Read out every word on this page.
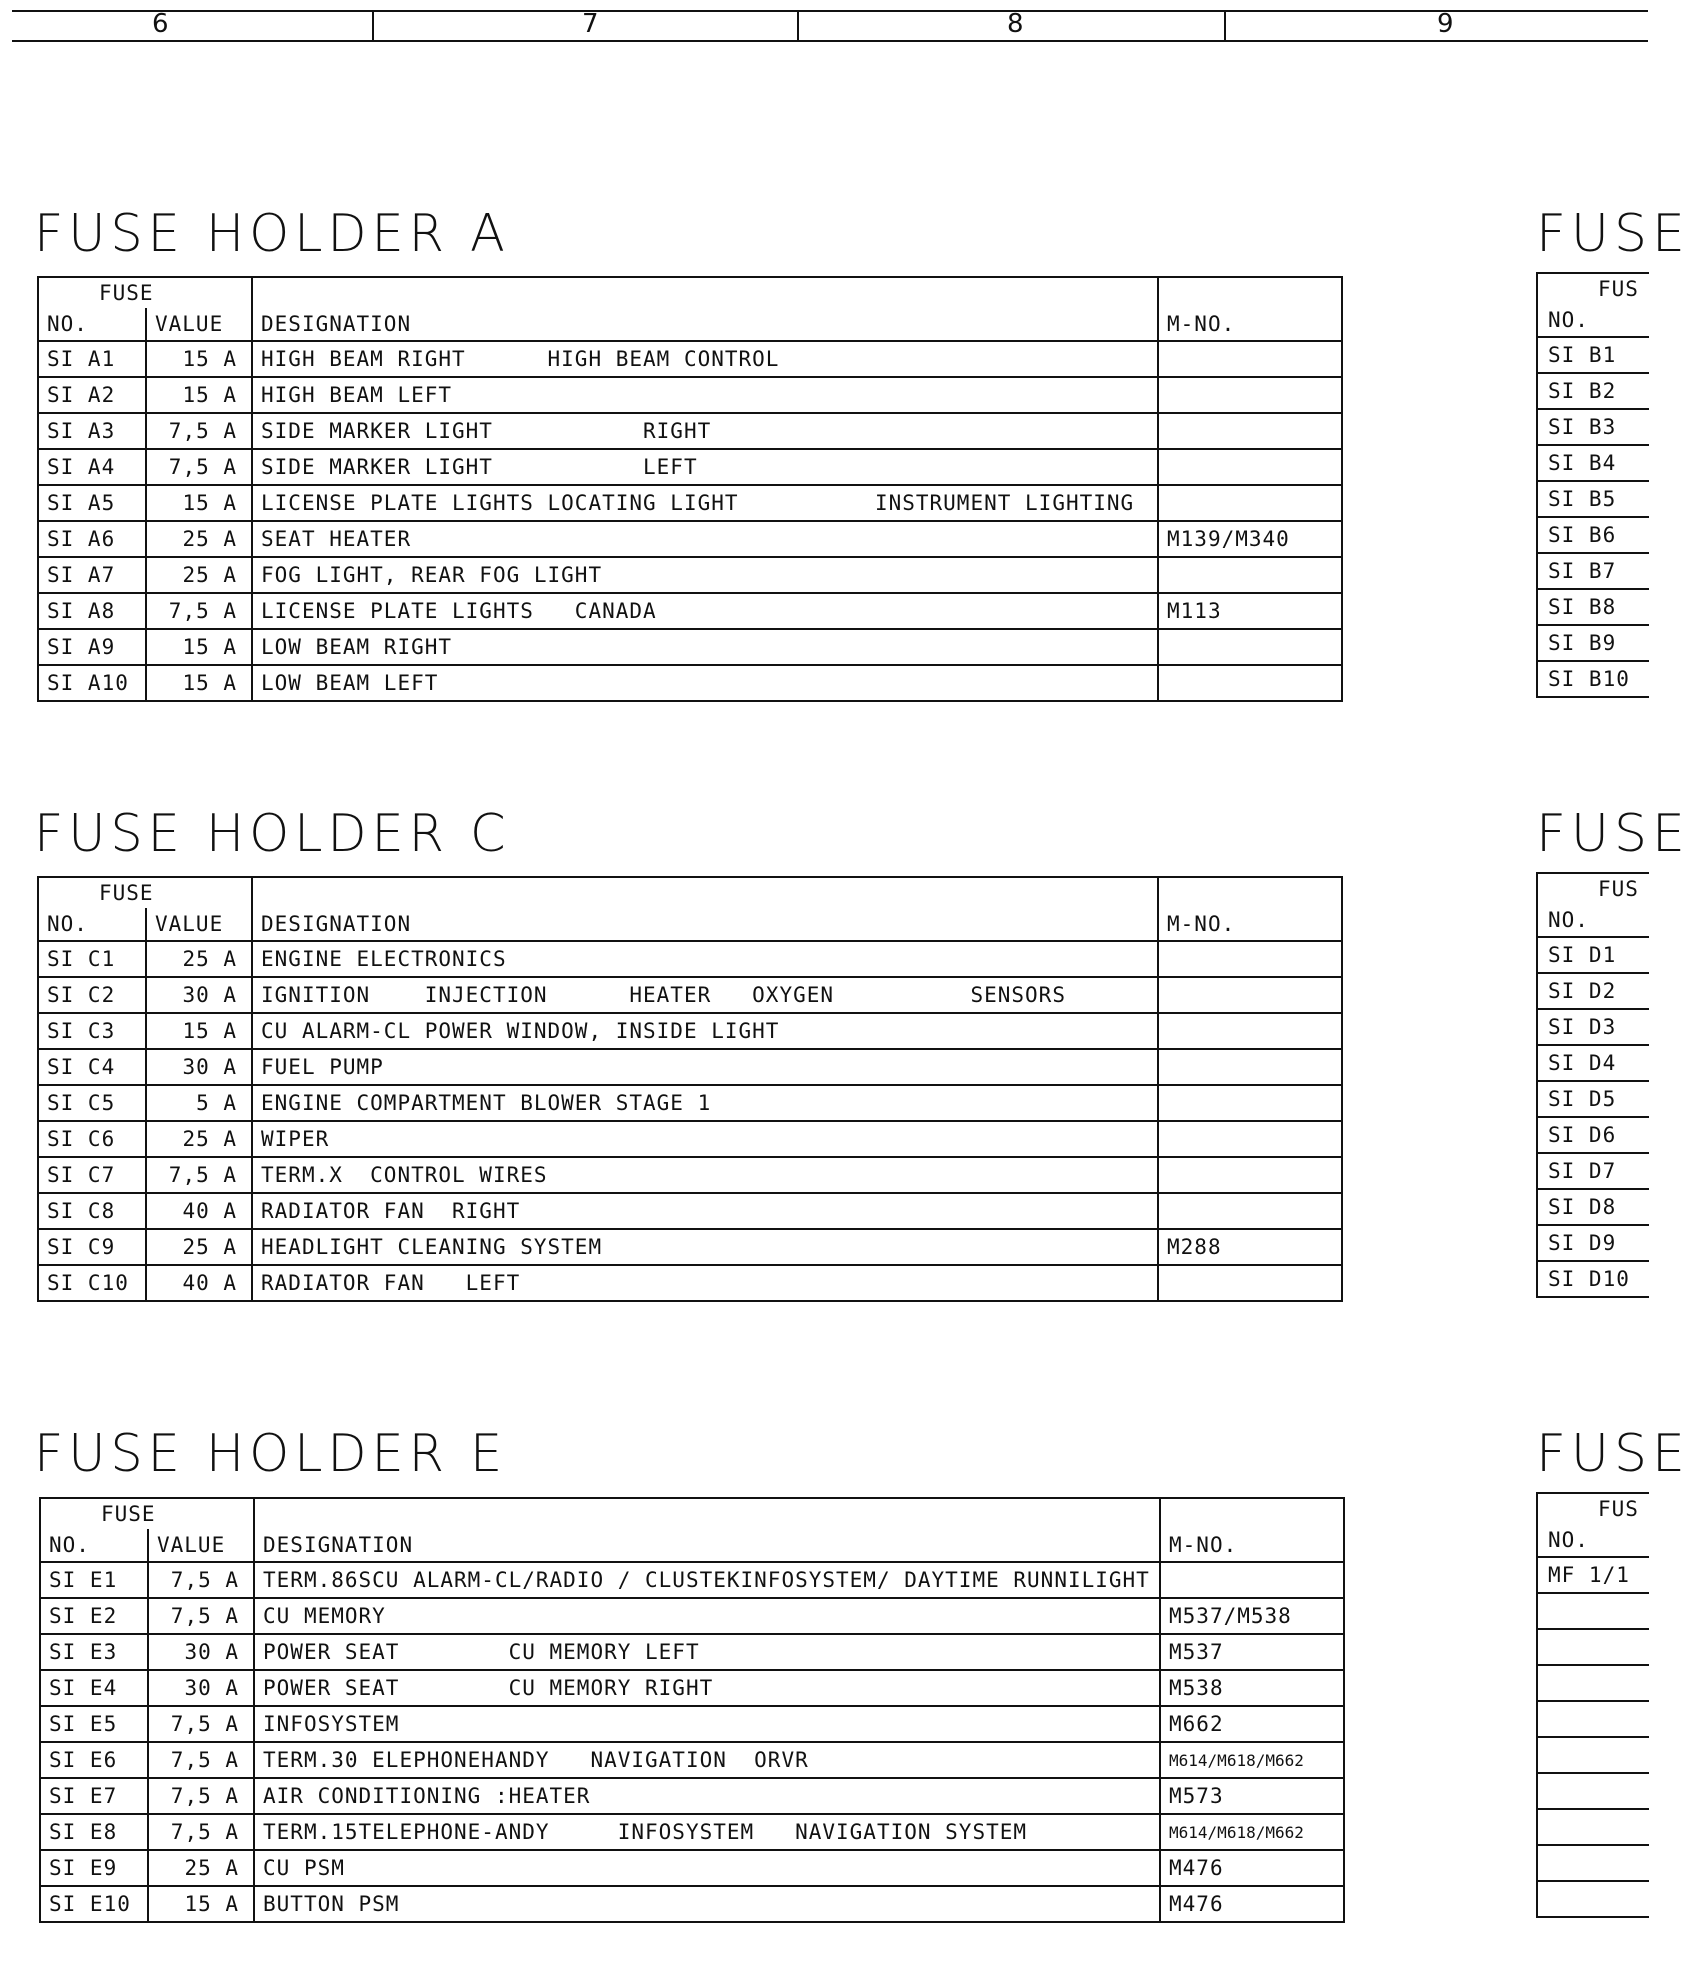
6	7	8	9
FUSE HOLDER A
FUSE HOLDER C
FUSE HOLDER E
FUSE			
NO.	VALUE	DESIGNATION	M-NO.
SI A1	15 A	HIGH BEAM RIGHT      HIGH BEAM CONTROL	
SI A2	15 A	HIGH BEAM LEFT	
SI A3	7,5 A	SIDE MARKER LIGHT           RIGHT	
SI A4	7,5 A	SIDE MARKER LIGHT           LEFT	
SI A5	15 A	LICENSE PLATE LIGHTS LOCATING LIGHT          INSTRUMENT LIGHTING	
SI A6	25 A	SEAT HEATER	M139/M340
SI A7	25 A	FOG LIGHT, REAR FOG LIGHT	
SI A8	7,5 A	LICENSE PLATE LIGHTS   CANADA	M113
SI A9	15 A	LOW BEAM RIGHT	
SI A10	15 A	LOW BEAM LEFT	
FUSE			
NO.	VALUE	DESIGNATION	M-NO.
SI C1	25 A	ENGINE ELECTRONICS	
SI C2	30 A	IGNITION    INJECTION      HEATER   OXYGEN          SENSORS	
SI C3	15 A	CU ALARM-CL POWER WINDOW, INSIDE LIGHT	
SI C4	30 A	FUEL PUMP	
SI C5	5 A	ENGINE COMPARTMENT BLOWER STAGE 1	
SI C6	25 A	WIPER	
SI C7	7,5 A	TERM.X  CONTROL WIRES	
SI C8	40 A	RADIATOR FAN  RIGHT	
SI C9	25 A	HEADLIGHT CLEANING SYSTEM	M288
SI C10	40 A	RADIATOR FAN   LEFT	
FUSE			
NO.	VALUE	DESIGNATION	M-NO.
SI E1	7,5 A	TERM.86SCU ALARM-CL/RADIO / CLUSTEKINFOSYSTEM/ DAYTIME RUNNILIGHT	
SI E2	7,5 A	CU MEMORY	M537/M538
SI E3	30 A	POWER SEAT        CU MEMORY LEFT	M537
SI E4	30 A	POWER SEAT        CU MEMORY RIGHT	M538
SI E5	7,5 A	INFOSYSTEM	M662
SI E6	7,5 A	TERM.30 ELEPHONEHANDY   NAVIGATION  ORVR	M614/M618/M662
SI E7	7,5 A	AIR CONDITIONING :HEATER	M573
SI E8	7,5 A	TERM.15TELEPHONE-ANDY     INFOSYSTEM   NAVIGATION SYSTEM	M614/M618/M662
SI E9	25 A	CU PSM	M476
SI E10	15 A	BUTTON PSM	M476
FUSE
FUS
NO.
SI B1
SI B2
SI B3
SI B4
SI B5
SI B6
SI B7
SI B8
SI B9
SI B10
FUSE
FUS
NO.
SI D1
SI D2
SI D3
SI D4
SI D5
SI D6
SI D7
SI D8
SI D9
SI D10
FUSE
FUS
NO.
MF 1/1
